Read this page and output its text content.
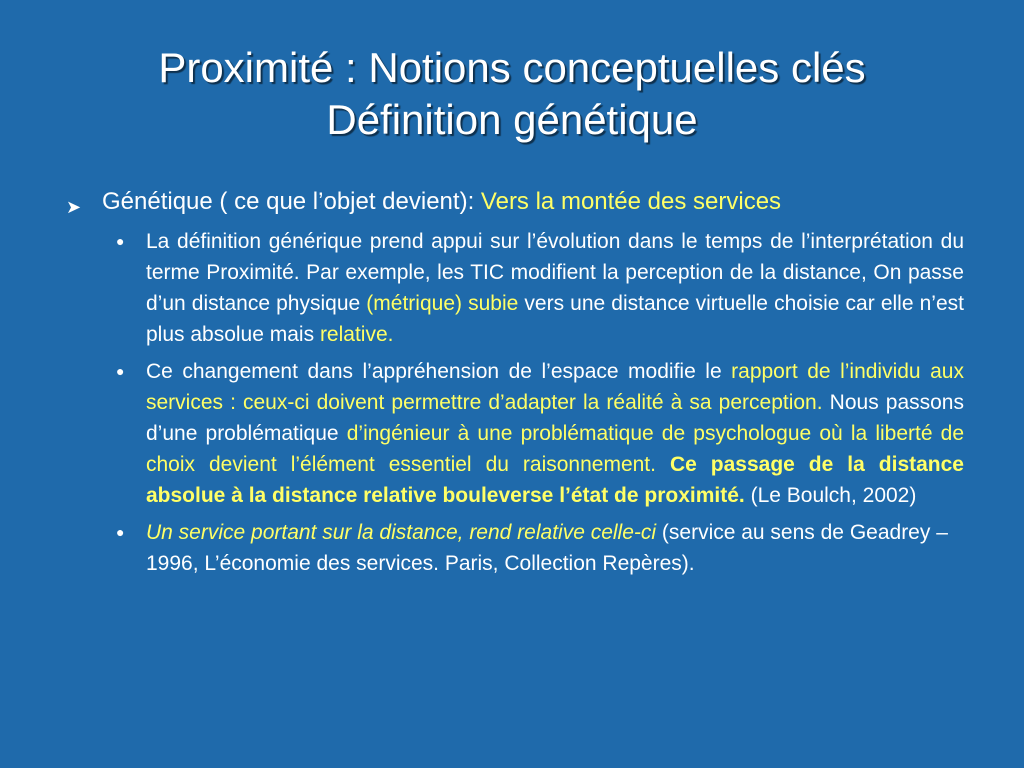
Proximité : Notions conceptuelles clés
Définition génétique
➤ Génétique ( ce que l’objet devient): Vers la montée des services
● La définition générique prend appui sur l’évolution dans le temps de l’interprétation du terme Proximité. Par exemple, les TIC modifient la perception de la distance, On passe d’un distance physique (métrique) subie vers une distance virtuelle choisie car elle n’est plus absolue mais relative.
● Ce changement dans l’appréhension de l’espace modifie le rapport de l’individu aux services : ceux-ci doivent permettre d’adapter la réalité à sa perception. Nous passons d’une problématique d’ingénieur à une problématique de psychologue où la liberté de choix devient l’élément essentiel du raisonnement. Ce passage de la distance absolue à la distance relative bouleverse l’état de proximité. (Le Boulch, 2002)
● Un service portant sur la distance, rend relative celle-ci (service au sens de Geadrey – 1996, L’économie des services. Paris, Collection Repères).
